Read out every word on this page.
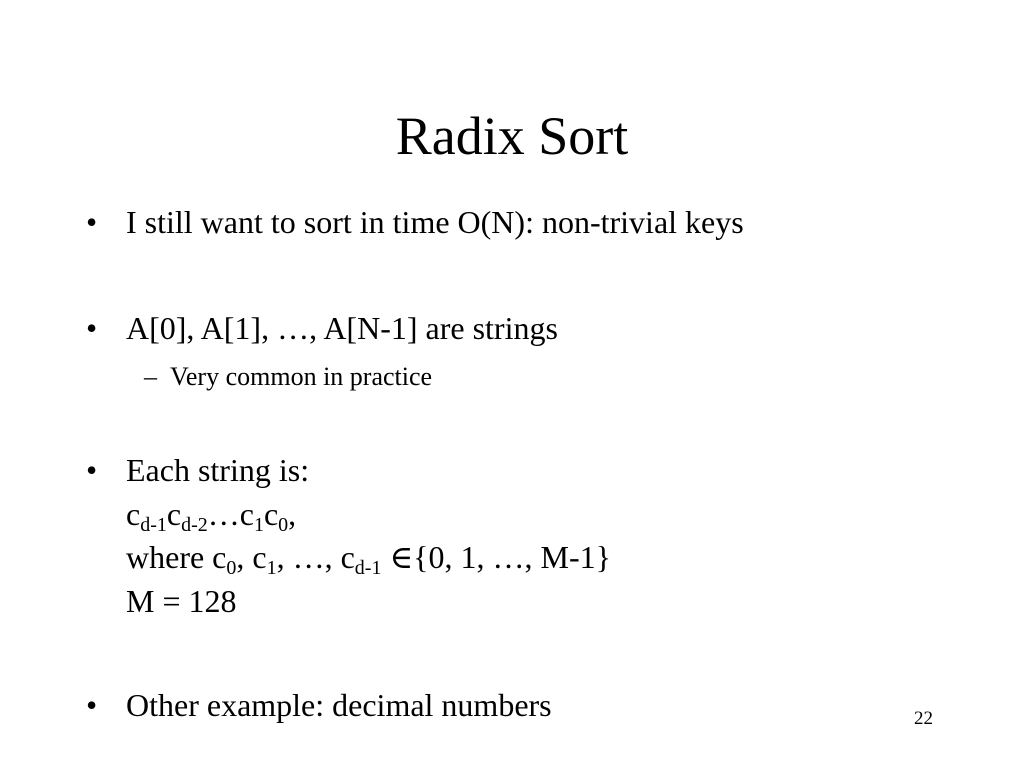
Radix Sort
• I still want to sort in time O(N): non-trivial keys
• A[0], A[1], …, A[N-1] are strings
– Very common in practice
• Each string is:
$c_{d-1}c_{d-2}\dots c_1c_0$,
where $c_0$, $c_1$, …, $c_{d-1}$ ∈{0, 1, …, M-1}
M = 128
• Other example: decimal numbers	22
